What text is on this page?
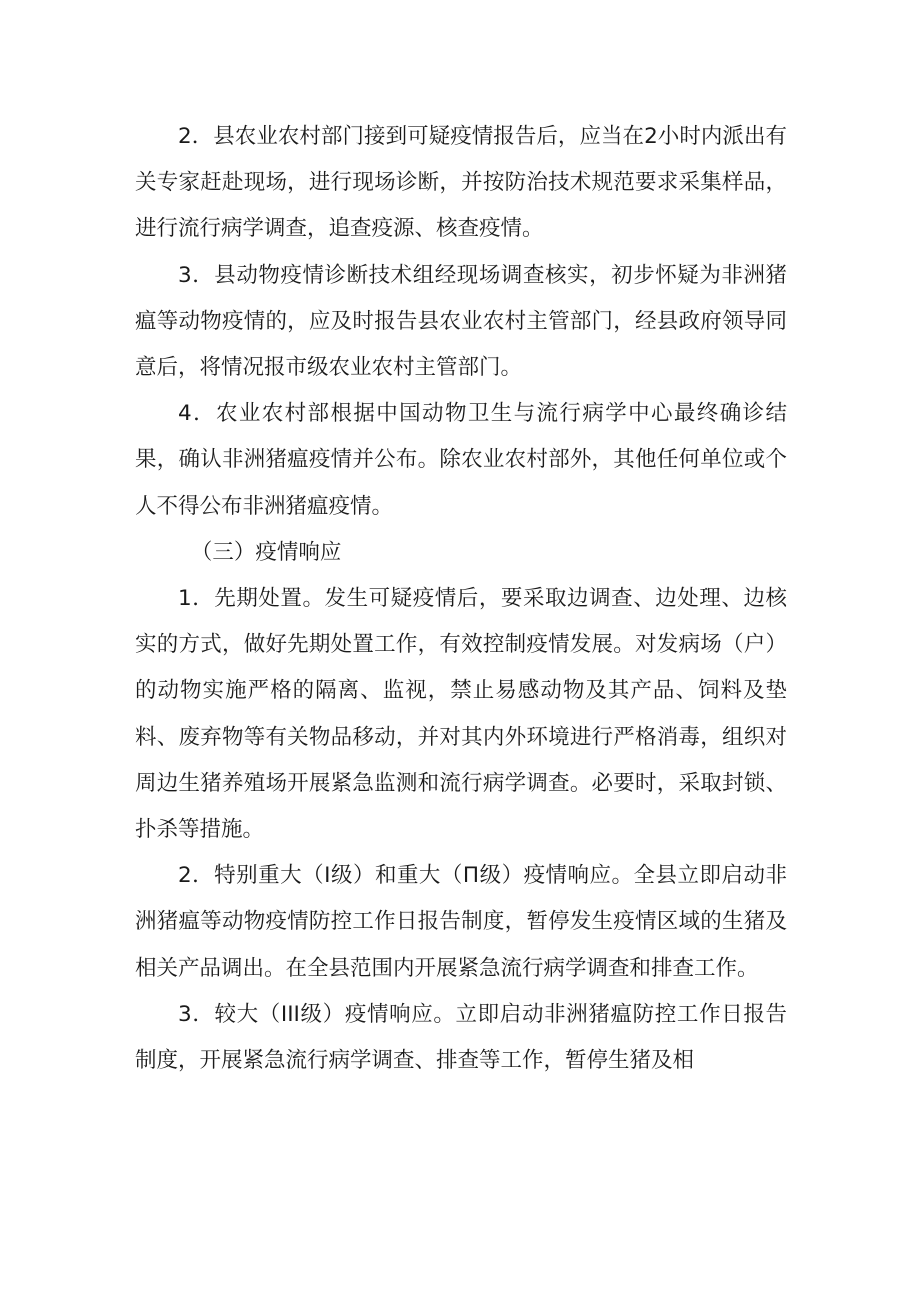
2．县农业农村部门接到可疑疫情报告后，应当在2小时内派出有关专家赶赴现场，进行现场诊断，并按防治技术规范要求采集样品，进行流行病学调查，追查疫源、核查疫情。

3．县动物疫情诊断技术组经现场调查核实，初步怀疑为非洲猪瘟等动物疫情的，应及时报告县农业农村主管部门，经县政府领导同意后，将情况报市级农业农村主管部门。

4．农业农村部根据中国动物卫生与流行病学中心最终确诊结果，确认非洲猪瘟疫情并公布。除农业农村部外，其他任何单位或个人不得公布非洲猪瘟疫情。

（三）疫情响应

1．先期处置。发生可疑疫情后，要采取边调查、边处理、边核实的方式，做好先期处置工作，有效控制疫情发展。对发病场（户）的动物实施严格的隔离、监视，禁止易感动物及其产品、饲料及垫料、废弃物等有关物品移动，并对其内外环境进行严格消毒，组织对周边生猪养殖场开展紧急监测和流行病学调查。必要时，采取封锁、扑杀等措施。

2．特别重大（I级）和重大（Π级）疫情响应。全县立即启动非洲猪瘟等动物疫情防控工作日报告制度，暂停发生疫情区域的生猪及相关产品调出。在全县范围内开展紧急流行病学调查和排查工作。

3．较大（III级）疫情响应。立即启动非洲猪瘟防控工作日报告制度，开展紧急流行病学调查、排查等工作，暂停生猪及相
